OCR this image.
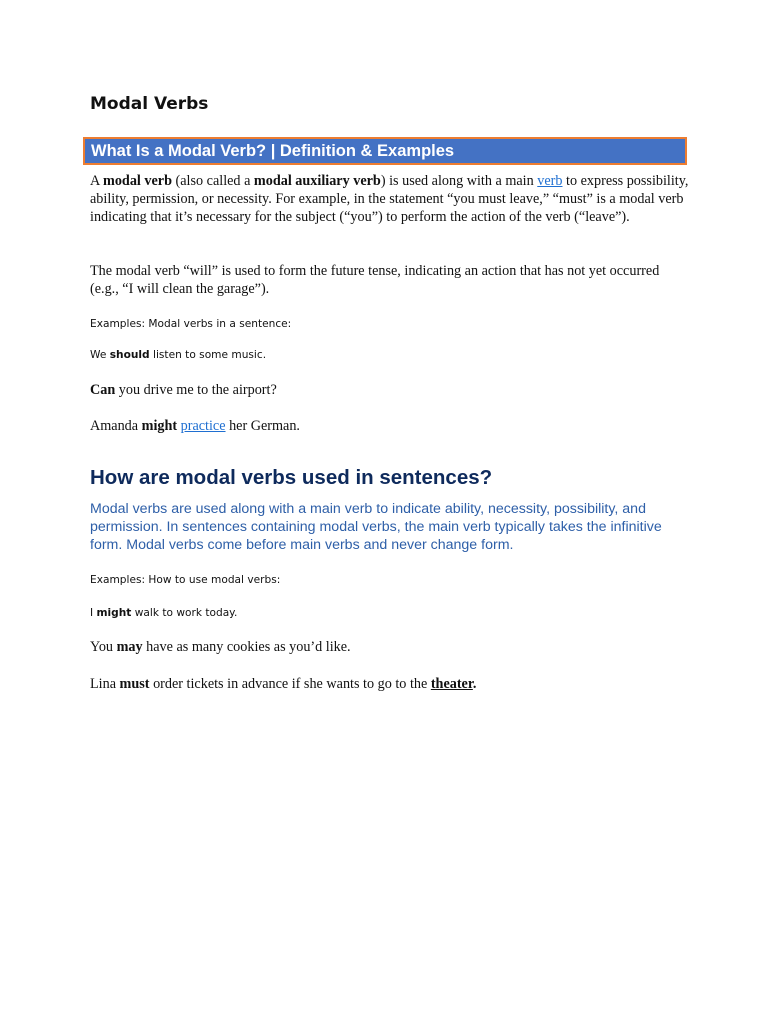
Modal Verbs
What Is a Modal Verb? | Definition & Examples

A modal verb (also called a modal auxiliary verb) is used along with a main verb to express possibility, ability, permission, or necessity. For example, in the statement “you must leave,” “must” is a modal verb indicating that it’s necessary for the subject (“you”) to perform the action of the verb (“leave”).

The modal verb “will” is used to form the future tense, indicating an action that has not yet occurred (e.g., “I will clean the garage”).

Examples: Modal verbs in a sentence:

We should listen to some music.

Can you drive me to the airport?

Amanda might practice her German.

How are modal verbs used in sentences?

Modal verbs are used along with a main verb to indicate ability, necessity, possibility, and permission. In sentences containing modal verbs, the main verb typically takes the infinitive form. Modal verbs come before main verbs and never change form.

Examples: How to use modal verbs:

I might walk to work today.

You may have as many cookies as you’d like.

Lina must order tickets in advance if she wants to go to the theater.
